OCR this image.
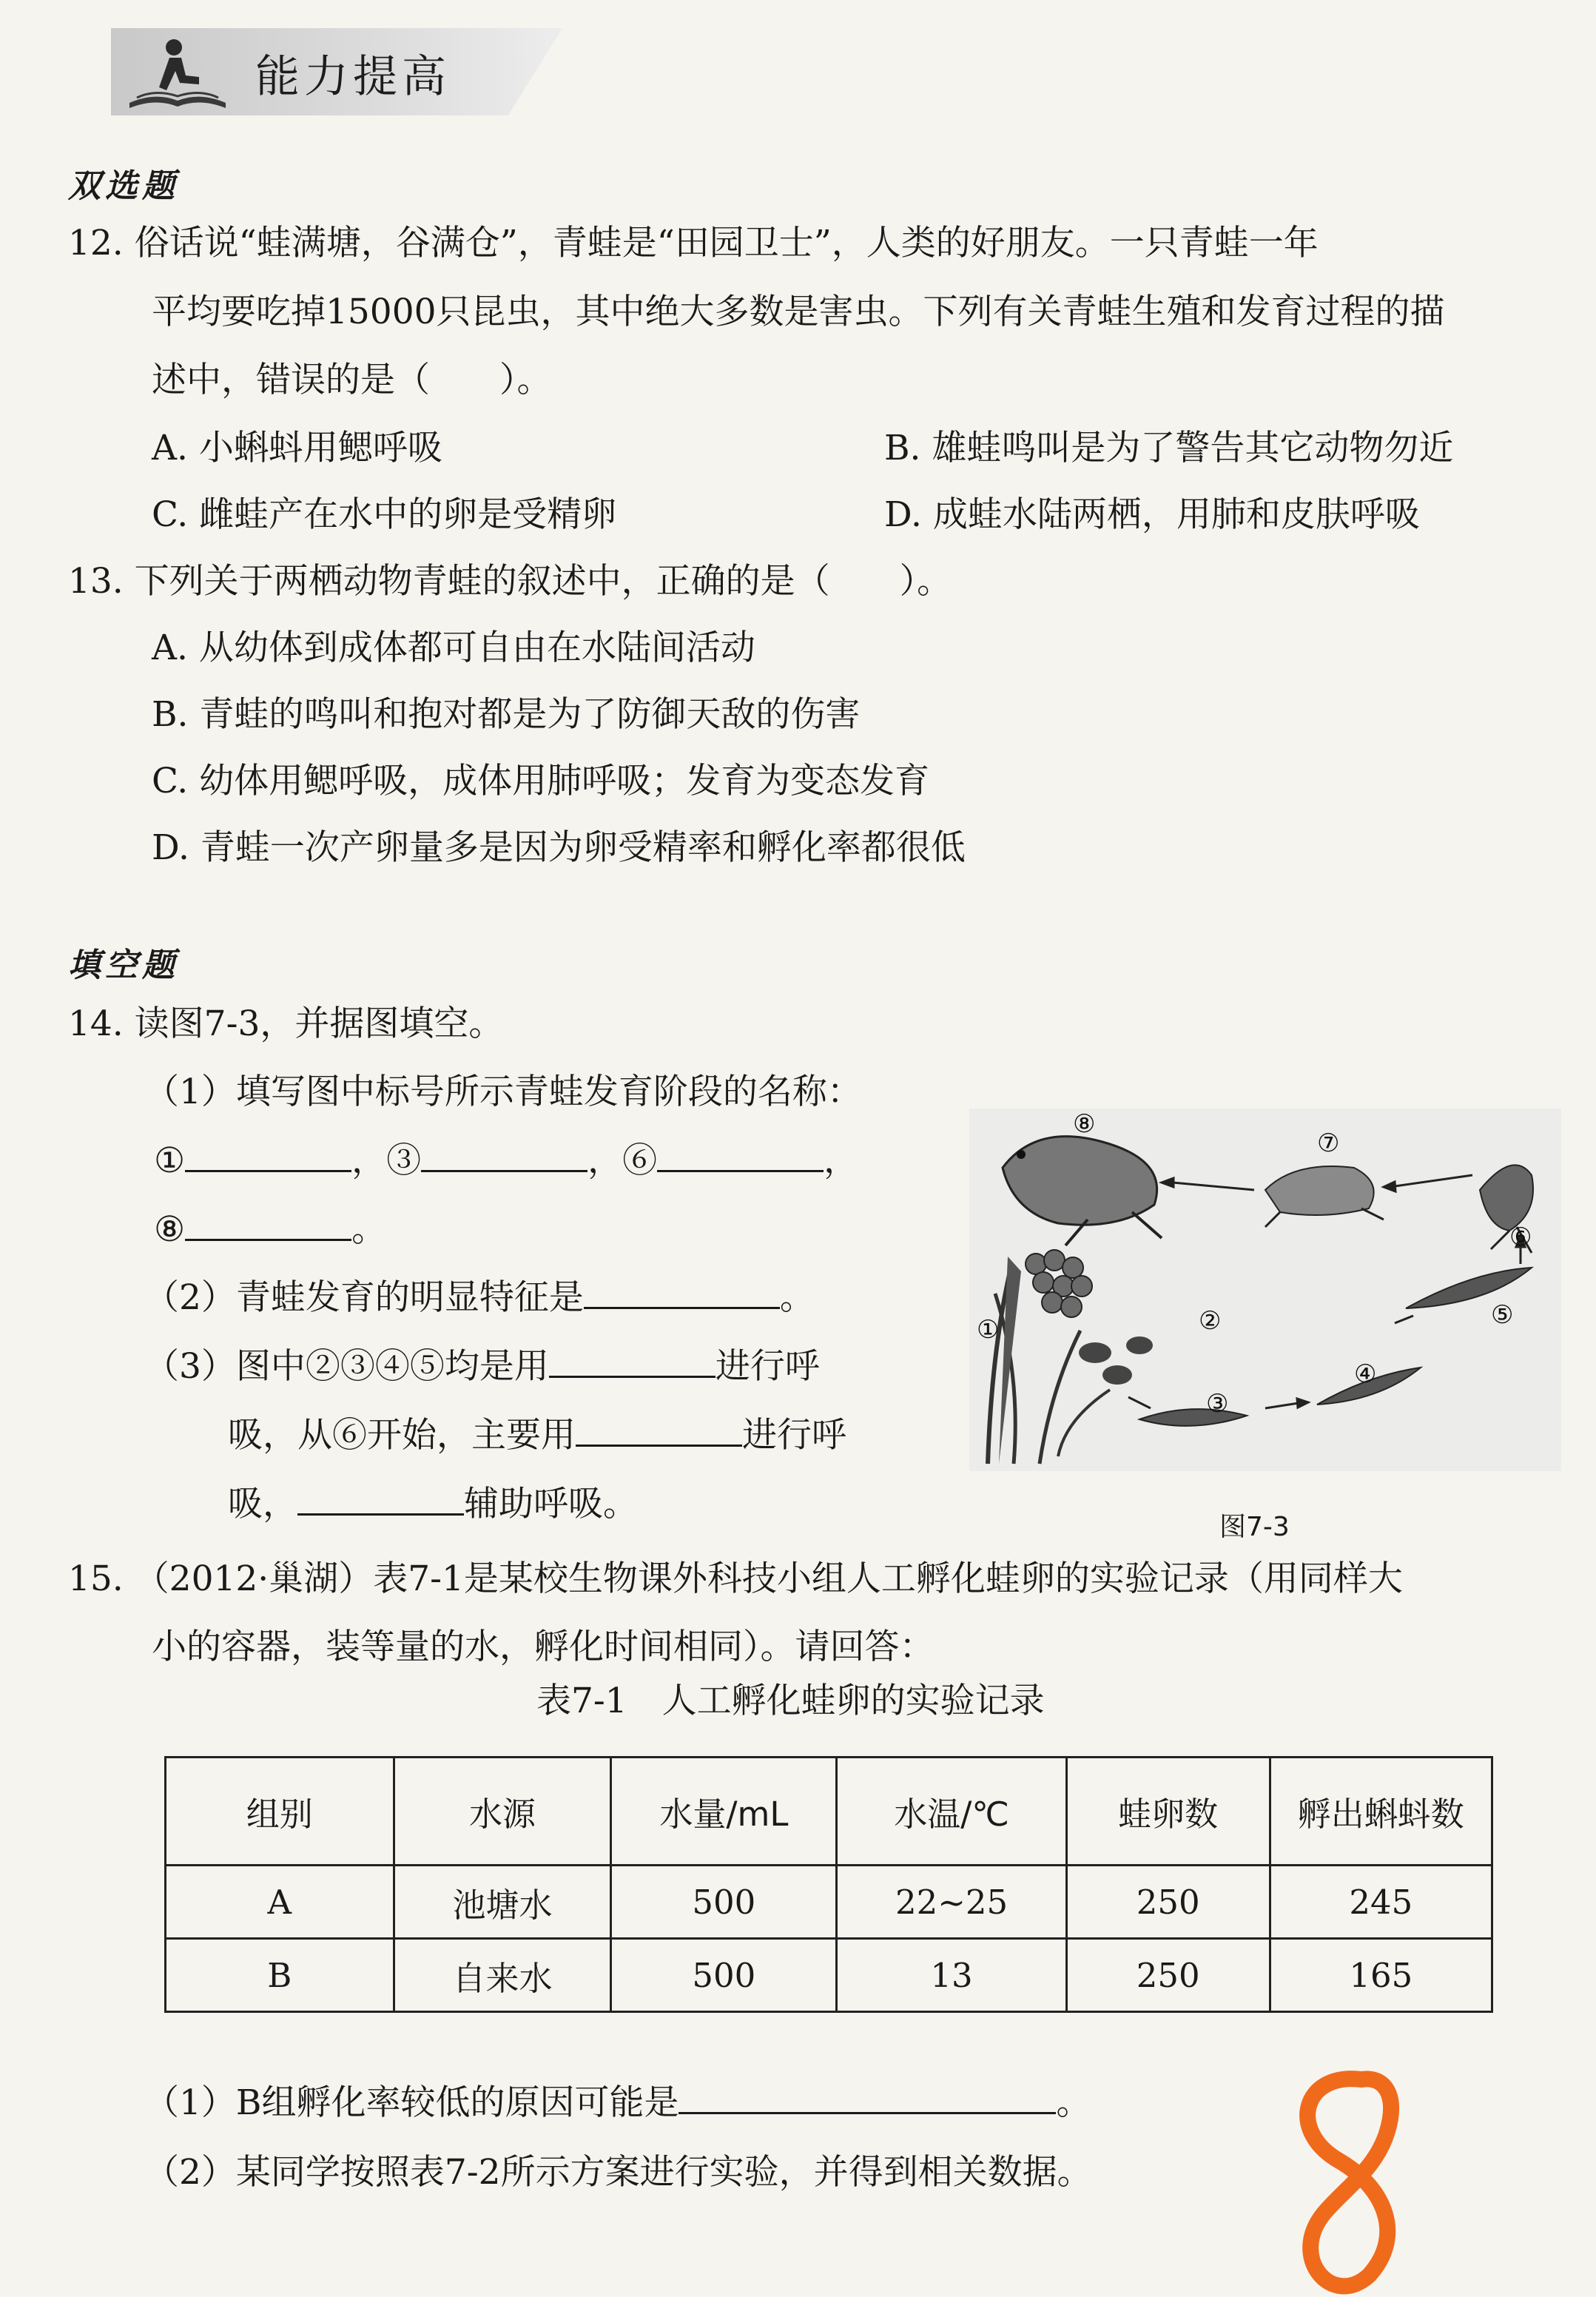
能力提高
双选题
12. 俗话说“蛙满塘，谷满仓”，青蛙是“田园卫士”，人类的好朋友。一只青蛙一年
平均要吃掉15000只昆虫，其中绝大多数是害虫。下列有关青蛙生殖和发育过程的描
述中，错误的是（　　）。
A. 小蝌蚪用鳃呼吸	B. 雄蛙鸣叫是为了警告其它动物勿近
C. 雌蛙产在水中的卵是受精卵	D. 成蛙水陆两栖，用肺和皮肤呼吸
13. 下列关于两栖动物青蛙的叙述中，正确的是（　　）。
A. 从幼体到成体都可自由在水陆间活动
B. 青蛙的鸣叫和抱对都是为了防御天敌的伤害
C. 幼体用鳃呼吸，成体用肺呼吸；发育为变态发育
D. 青蛙一次产卵量多是因为卵受精率和孵化率都很低
填空题
14. 读图7-3，并据图填空。
（1）填写图中标号所示青蛙发育阶段的名称：
①	，③	，⑥	，
⑧	。
（2）青蛙发育的明显特征是	。
（3）图中②③④⑤均是用	进行呼
吸，从⑥开始，主要用	进行呼
吸，	辅助呼吸。
⑧
⑦
⑥
⑤
④
③
②
①
图7-3
15. （2012·巢湖）表7-1是某校生物课外科技小组人工孵化蛙卵的实验记录（用同样大
小的容器，装等量的水，孵化时间相同）。请回答：
表7-1　人工孵化蛙卵的实验记录
组别	水源	水量/mL	水温/℃	蛙卵数	孵出蝌蚪数
A	池塘水	500	22~25	250	245
B	自来水	500	13	250	165
（1）B组孵化率较低的原因可能是	。
（2）某同学按照表7-2所示方案进行实验，并得到相关数据。
